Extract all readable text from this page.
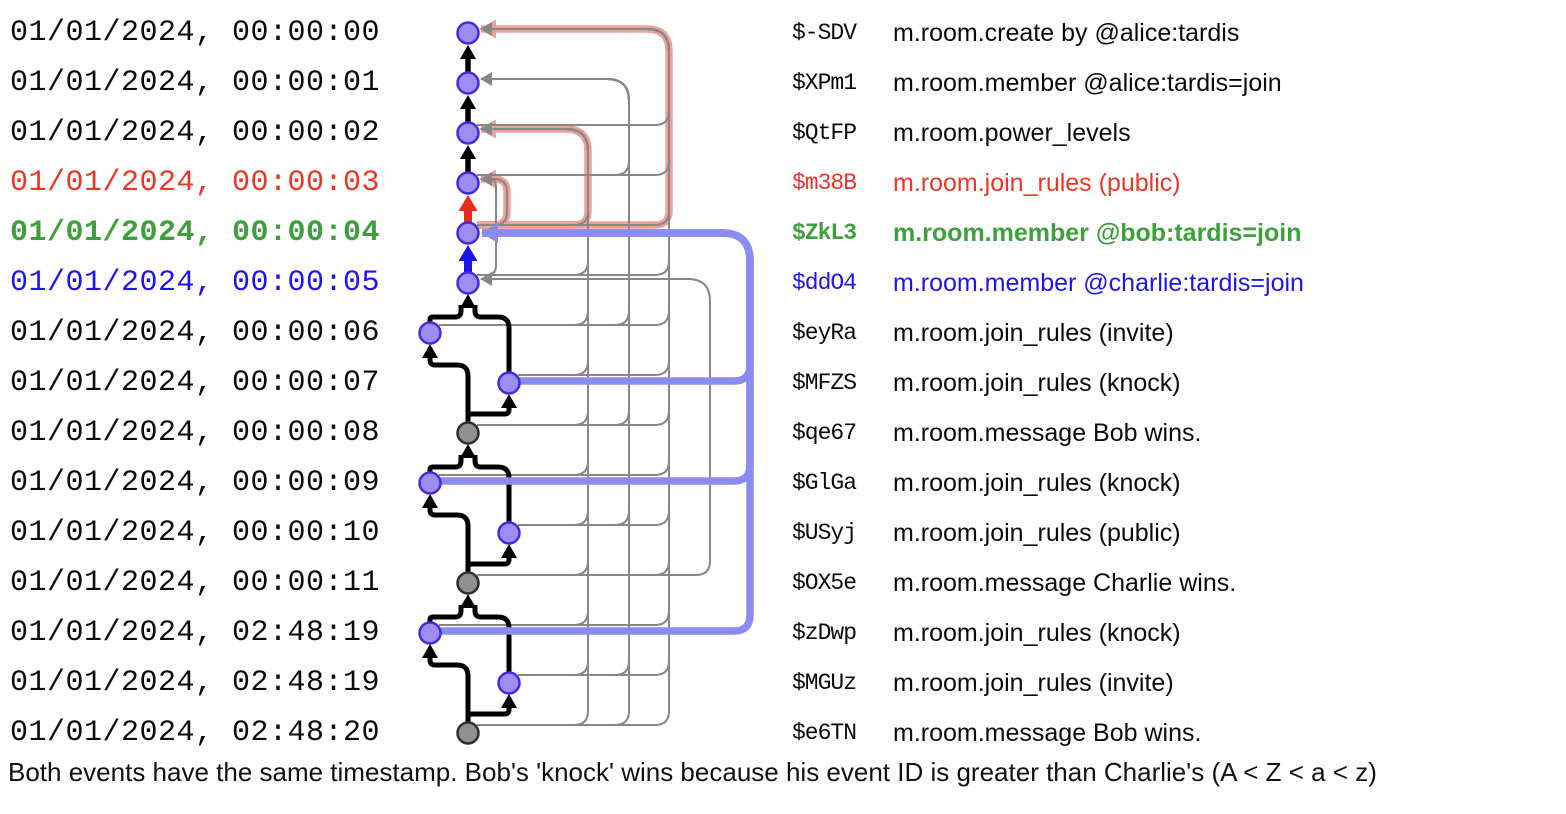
01/01/2024, 00:00:00	$-SDV m.room.create by @alice:tardis
01/01/2024, 00:00:01	$XPm1 m.room.member @alice:tardis=join
01/01/2024, 00:00:02	$QtFP m.room.power_levels
01/01/2024, 00:00:03	$m38B m.room.join_rules (public)
01/01/2024, 00:00:04	$ZkL3 m.room.member @bob:tardis=join
01/01/2024, 00:00:05	$ddO4 m.room.member @charlie:tardis=join
01/01/2024, 00:00:06	$eyRa m.room.join_rules (invite)
01/01/2024, 00:00:07	$MFZS m.room.join_rules (knock)
01/01/2024, 00:00:08	$qe67 m.room.message Bob wins.
01/01/2024, 00:00:09	$GlGa m.room.join_rules (knock)
01/01/2024, 00:00:10	$USyj m.room.join_rules (public)
01/01/2024, 00:00:11	$OX5e m.room.message Charlie wins.
01/01/2024, 02:48:19	$zDwp m.room.join_rules (knock)
01/01/2024, 02:48:19	$MGUz m.room.join_rules (invite)
01/01/2024, 02:48:20	$e6TN m.room.message Bob wins.
Both events have the same timestamp. Bob's 'knock' wins because his event ID is greater than Charlie's (A < Z < a < z)
